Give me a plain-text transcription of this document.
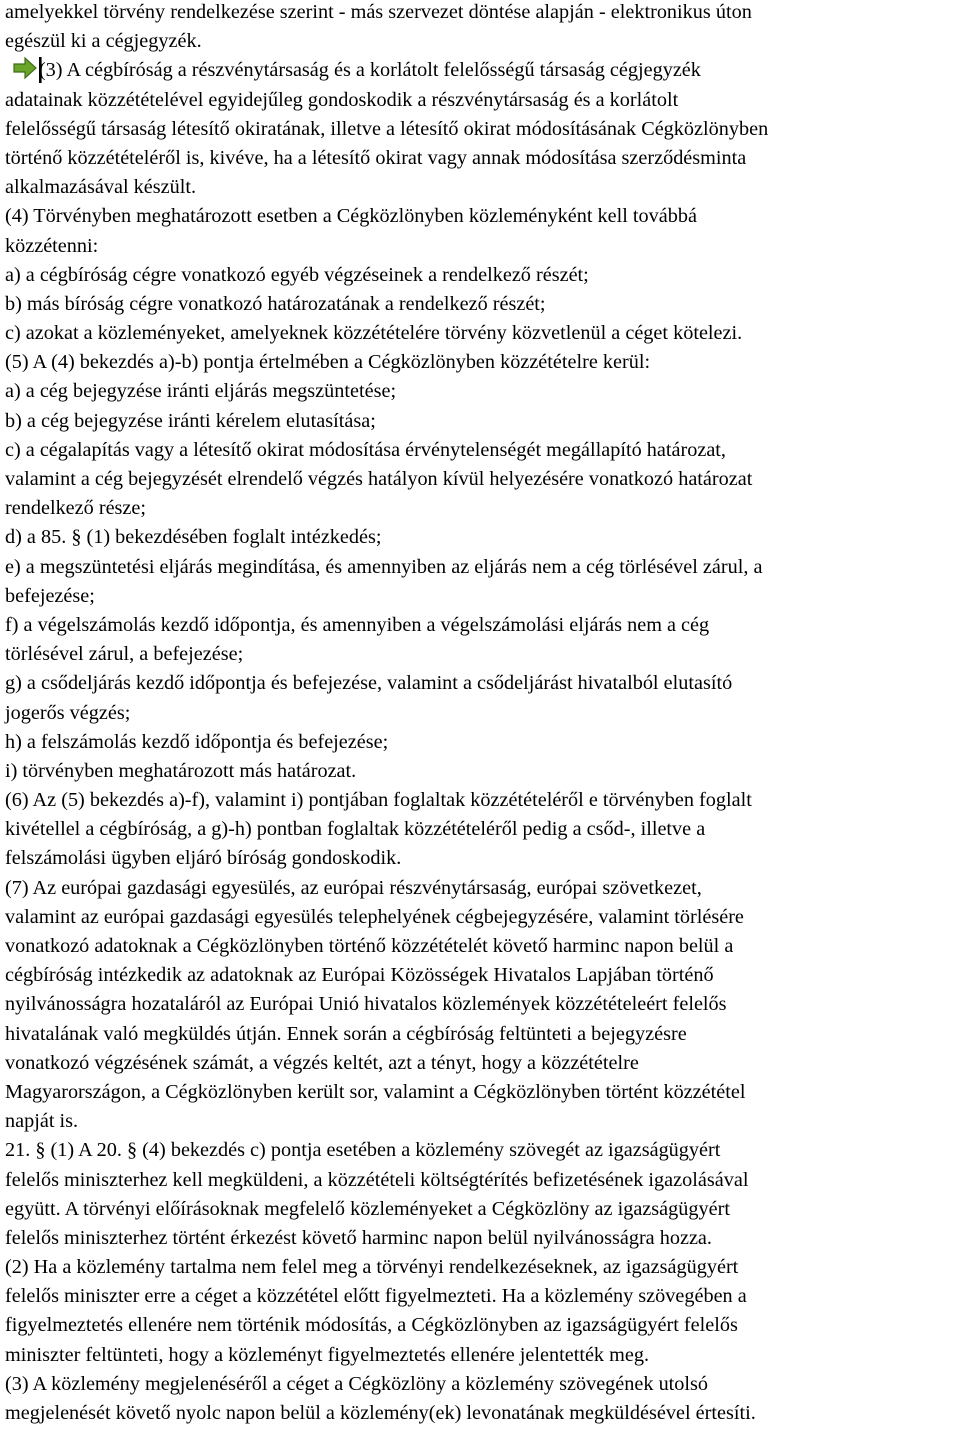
amelyekkel törvény rendelkezése szerint - más szervezet döntése alapján - elektronikus úton
egészül ki a cégjegyzék.
(3) A cégbíróság a részvénytársaság és a korlátolt felelősségű társaság cégjegyzék
adatainak közzétételével egyidejűleg gondoskodik a részvénytársaság és a korlátolt
felelősségű társaság létesítő okiratának, illetve a létesítő okirat módosításának Cégközlönyben
történő közzétételéről is, kivéve, ha a létesítő okirat vagy annak módosítása szerződésminta
alkalmazásával készült.
(4) Törvényben meghatározott esetben a Cégközlönyben közleményként kell továbbá
közzétenni:
a) a cégbíróság cégre vonatkozó egyéb végzéseinek a rendelkező részét;
b) más bíróság cégre vonatkozó határozatának a rendelkező részét;
c) azokat a közleményeket, amelyeknek közzétételére törvény közvetlenül a céget kötelezi.
(5) A (4) bekezdés a)-b) pontja értelmében a Cégközlönyben közzétételre kerül:
a) a cég bejegyzése iránti eljárás megszüntetése;
b) a cég bejegyzése iránti kérelem elutasítása;
c) a cégalapítás vagy a létesítő okirat módosítása érvénytelenségét megállapító határozat,
valamint a cég bejegyzését elrendelő végzés hatályon kívül helyezésére vonatkozó határozat
rendelkező része;
d) a 85. § (1) bekezdésében foglalt intézkedés;
e) a megszüntetési eljárás megindítása, és amennyiben az eljárás nem a cég törlésével zárul, a
befejezése;
f) a végelszámolás kezdő időpontja, és amennyiben a végelszámolási eljárás nem a cég
törlésével zárul, a befejezése;
g) a csődeljárás kezdő időpontja és befejezése, valamint a csődeljárást hivatalból elutasító
jogerős végzés;
h) a felszámolás kezdő időpontja és befejezése;
i) törvényben meghatározott más határozat.
(6) Az (5) bekezdés a)-f), valamint i) pontjában foglaltak közzétételéről e törvényben foglalt
kivétellel a cégbíróság, a g)-h) pontban foglaltak közzétételéről pedig a csőd-, illetve a
felszámolási ügyben eljáró bíróság gondoskodik.
(7) Az európai gazdasági egyesülés, az európai részvénytársaság, európai szövetkezet,
valamint az európai gazdasági egyesülés telephelyének cégbejegyzésére, valamint törlésére
vonatkozó adatoknak a Cégközlönyben történő közzétételét követő harminc napon belül a
cégbíróság intézkedik az adatoknak az Európai Közösségek Hivatalos Lapjában történő
nyilvánosságra hozataláról az Európai Unió hivatalos közlemények közzétételeért felelős
hivatalának való megküldés útján. Ennek során a cégbíróság feltünteti a bejegyzésre
vonatkozó végzésének számát, a végzés keltét, azt a tényt, hogy a közzétételre
Magyarországon, a Cégközlönyben került sor, valamint a Cégközlönyben történt közzététel
napját is.
21. § (1) A 20. § (4) bekezdés c) pontja esetében a közlemény szövegét az igazságügyért
felelős miniszterhez kell megküldeni, a közzétételi költségtérítés befizetésének igazolásával
együtt. A törvényi előírásoknak megfelelő közleményeket a Cégközlöny az igazságügyért
felelős miniszterhez történt érkezést követő harminc napon belül nyilvánosságra hozza.
(2) Ha a közlemény tartalma nem felel meg a törvényi rendelkezéseknek, az igazságügyért
felelős miniszter erre a céget a közzététel előtt figyelmezteti. Ha a közlemény szövegében a
figyelmeztetés ellenére nem történik módosítás, a Cégközlönyben az igazságügyért felelős
miniszter feltünteti, hogy a közleményt figyelmeztetés ellenére jelentették meg.
(3) A közlemény megjelenéséről a céget a Cégközlöny a közlemény szövegének utolsó
megjelenését követő nyolc napon belül a közlemény(ek) levonatának megküldésével értesíti.
